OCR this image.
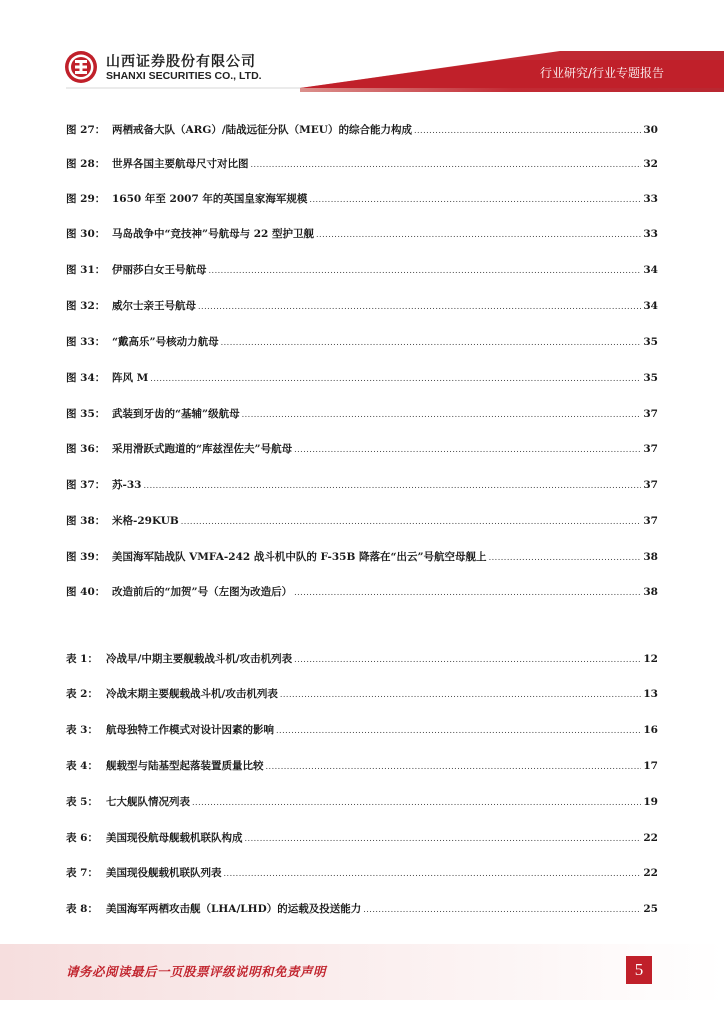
山西证券股份有限公司
SHANXI SECURITIES CO., LTD.	行业研究/行业专题报告
图 27： 两栖戒备大队（ARG）/陆战远征分队（MEU）的综合能力构成 .....	30
图 28： 世界各国主要航母尺寸对比图 .....	32
图 29： 1650 年至 2007 年的英国皇家海军规模 .....	33
图 30： 马岛战争中“竞技神”号航母与 22 型护卫舰 .....	33
图 31： 伊丽莎白女王号航母 .....	34
图 32： 威尔士亲王号航母 .....	34
图 33： “戴高乐”号核动力航母 .....	35
图 34： 阵风 M .....	35
图 35： 武装到牙齿的“基辅”级航母 .....	37
图 36： 采用滑跃式跑道的“库兹涅佐夫”号航母 .....	37
图 37： 苏-33 .....	37
图 38： 米格-29KUB .....	37
图 39： 美国海军陆战队 VMFA-242 战斗机中队的 F-35B 降落在“出云”号航空母舰上 .....	38
图 40： 改造前后的“加贺”号（左图为改造后） .....	38
表 1： 冷战早/中期主要舰载战斗机/攻击机列表 .....	12
表 2： 冷战末期主要舰载战斗机/攻击机列表 .....	13
表 3： 航母独特工作模式对设计因素的影响 .....	16
表 4： 舰载型与陆基型起落装置质量比较 .....	17
表 5： 七大舰队情况列表 .....	19
表 6： 美国现役航母舰载机联队构成 .....	22
表 7： 美国现役舰载机联队列表 .....	22
表 8： 美国海军两栖攻击舰（LHA/LHD）的运载及投送能力 .....	25
请务必阅读最后一页股票评级说明和免责声明	5
